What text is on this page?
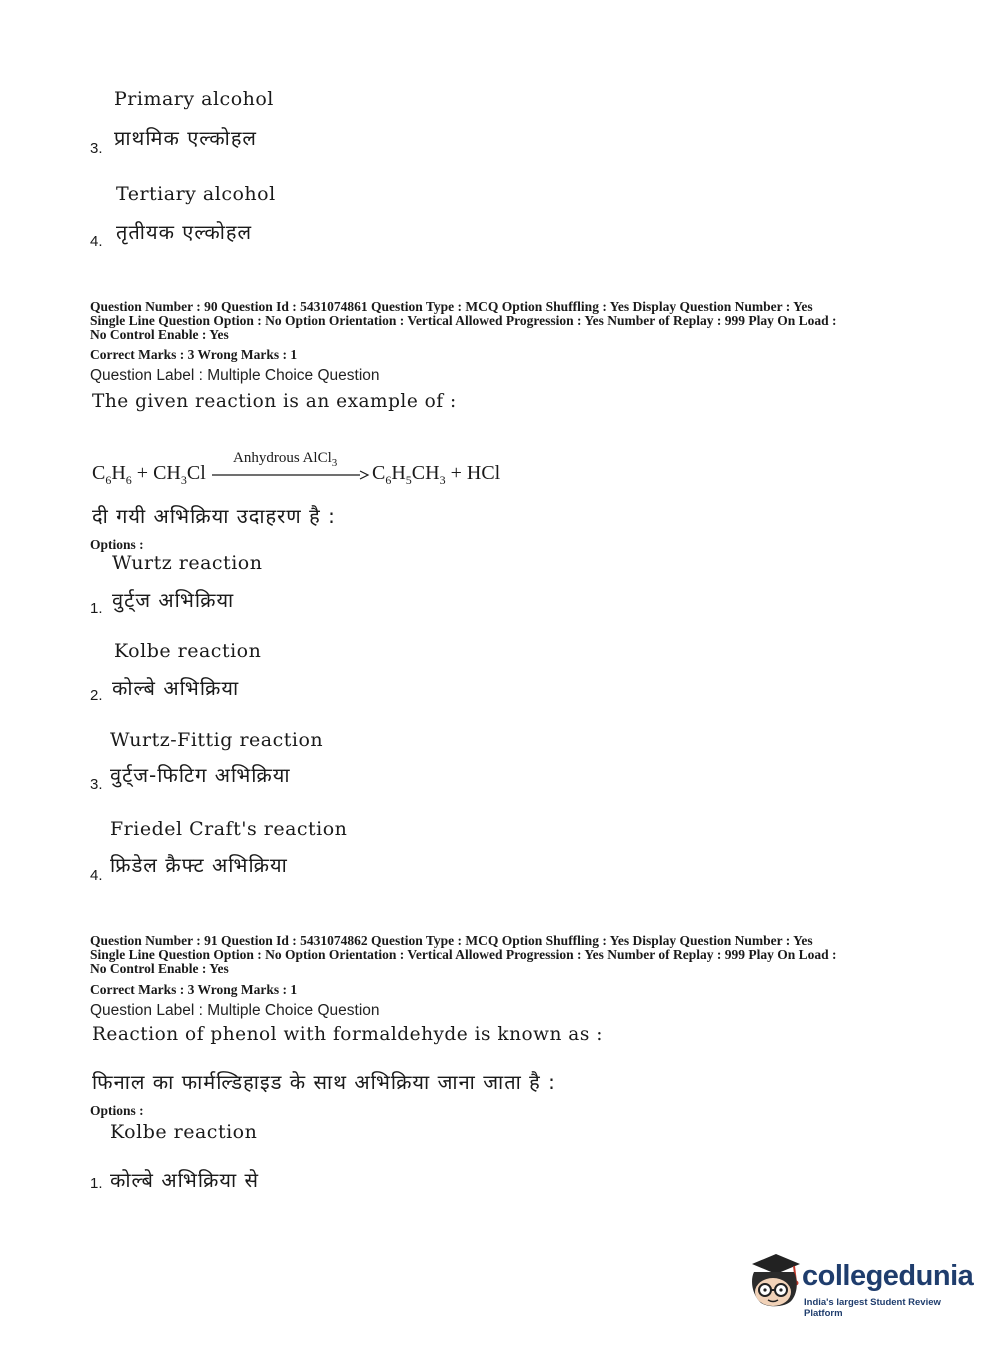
Primary alcohol
3. प्राथमिक एल्कोहल
Tertiary alcohol
4. तृतीयक एल्कोहल
Question Number : 90 Question Id : 5431074861 Question Type : MCQ Option Shuffling : Yes Display Question Number : Yes
Single Line Question Option : No Option Orientation : Vertical Allowed Progression : Yes Number of Replay : 999 Play On Load :
No Control Enable : Yes
Correct Marks : 3 Wrong Marks : 1
Question Label : Multiple Choice Question
The given reaction is an example of :
$C_6H_6 + CH_3Cl$
Anhydrous AlCl$_3$ $C_6H_5CH_3$ + HCl
दी गयी अभिक्रिया उदाहरण है :
Options :
Wurtz reaction
1. वुर्ट्ज अभिक्रिया
Kolbe reaction
2. कोल्बे अभिक्रिया
Wurtz-Fittig reaction
3. वुर्ट्ज-फिटिग अभिक्रिया
Friedel Craft's reaction
4. फ्रिडेल क्रैफ्ट अभिक्रिया
Question Number : 91 Question Id : 5431074862 Question Type : MCQ Option Shuffling : Yes Display Question Number : Yes
Single Line Question Option : No Option Orientation : Vertical Allowed Progression : Yes Number of Replay : 999 Play On Load :
No Control Enable : Yes
Correct Marks : 3 Wrong Marks : 1
Question Label : Multiple Choice Question
Reaction of phenol with formaldehyde is known as :
फिनाल का फार्मल्डिहाइड के साथ अभिक्रिया जाना जाता है :
Options :
Kolbe reaction
1. कोल्बे अभिक्रिया से
collegedunia
India's largest Student Review Platform
